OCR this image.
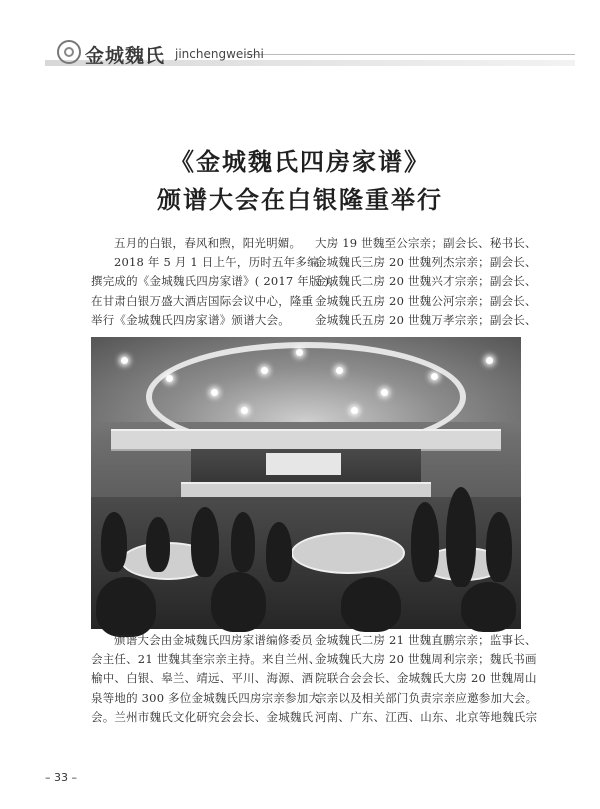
金城魏氏 jinchengweishi
《金城魏氏四房家谱》
颁谱大会在白银隆重举行

五月的白银，春风和煦，阳光明媚。

2018 年 5 月 1 日上午，历时五年多编

撰完成的《金城魏氏四房家谱》( 2017 年版 )，

在甘肃白银万盛大酒店国际会议中心，隆重

举行《金城魏氏四房家谱》颁谱大会。

大房 19 世魏至公宗亲；副会长、秘书长、

金城魏氏三房 20 世魏列杰宗亲；副会长、

金城魏氏二房 20 世魏兴才宗亲；副会长、

金城魏氏五房 20 世魏公河宗亲；副会长、

金城魏氏五房 20 世魏万孝宗亲；副会长、

颁谱大会由金城魏氏四房家谱编修委员

会主任、21 世魏其奎宗亲主持。来自兰州、

榆中、白银、皋兰、靖远、平川、海源、酒

泉等地的 300 多位金城魏氏四房宗亲参加大

会。兰州市魏氏文化研究会会长、金城魏氏

金城魏氏二房 21 世魏直鹏宗亲；监事长、

金城魏氏大房 20 世魏周利宗亲；魏氏书画

院联合会会长、金城魏氏大房 20 世魏周山

宗亲以及相关部门负责宗亲应邀参加大会。

河南、广东、江西、山东、北京等地魏氏宗

– 33 –
